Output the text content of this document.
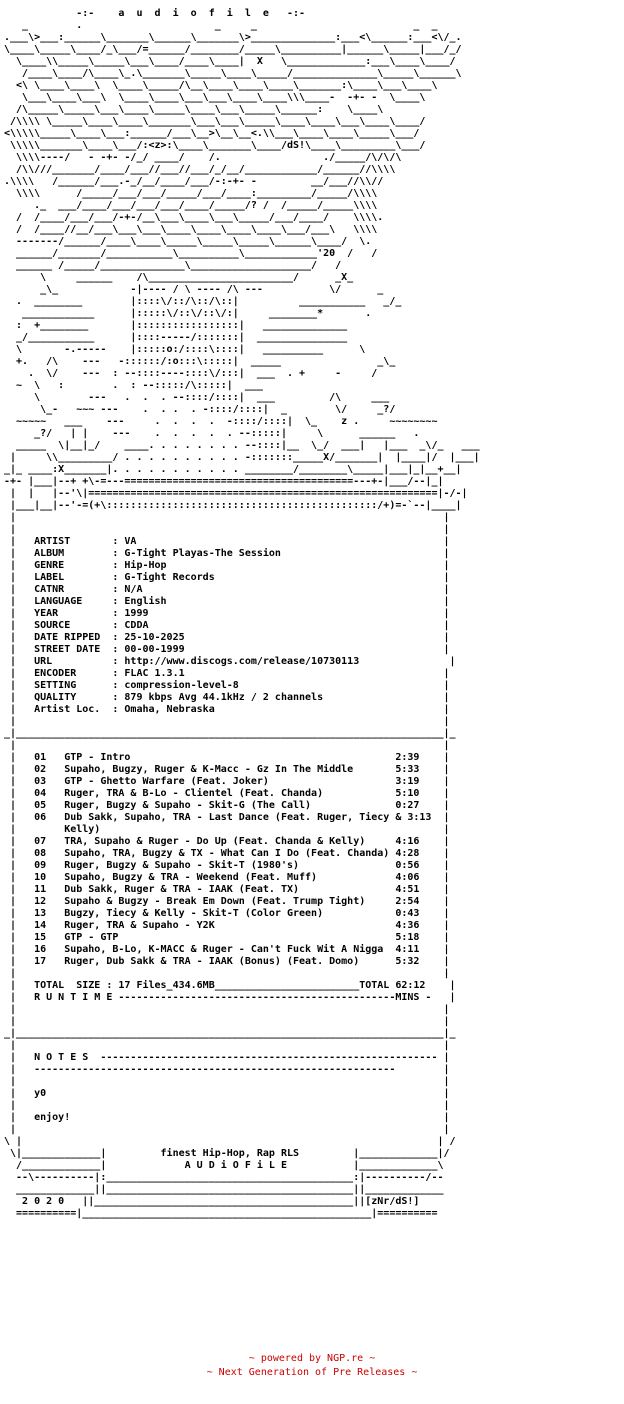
-:-    a  u  d  i  o  f  i  l  e   -:-
_        .                      _     _                          _  _
.___\>___:______\_______\______\_______\>______________:___<\______:___<\/_.
\____\_____\____/_\___/=______/________/_____\__________|______\_____|___/_/
\____\\_____\_____\___\____/____\____|  X   \_____________:___\____\____/
/____\____/\____\_.\_______\_____\____\_____/______________\_____\______\
<\ \____\____\  \____\_____/\__\____\____\____\_______:\____\___\____\
\___\____\___\  \____\____\___\___\____\____\\\____-  -+- -  \____\
/\_____\_____\___\____\_____\____\___\_____\______:    \____\
/\\\\ \_____\____\____\_______\___\___\_____\____\____\___\____\____/
<\\\\\_____\____\___:______/___\__>\__\__<.\\___\____\____\_____\___/
\\\\\_______\____\___/:<z>:\____\_______\____/dS!\____\_________\___/
\\\\----/   - -+- -/_/ ____/    /.                 ./_____/\/\/\
/\\///_______/____/___//___//___/_/__/____________/______//\\\\
.\\\\   /______/___.-_/__/____/___/-:-+- -         __/___//\\//
\\\\      /_____/___/___/_____/___/____:_________/_____/\\\\
._  ___/____/___/___/___/____/_____/? /  /_____/_____\\\\
/  /____/___/___/-+-/__\___\____\___\_____/___/____/    \\\\.
/  /____//__/___\___\___\____\____\____\____\___/___\   \\\\
-------/______/____\____\_____\_____\_____\______\____/  \.
______/_______/___________\__________\____________'20  /   /
______ /_____/______________\____________________/   /
\     ______    /\________________________/      _X_
_\_            -|---- / \ ---- /\ ---           \/      _
.  ________        |::::\/::/\::/\::|          ___________   _/_
____________      |:::::\/::\/::\/:|     ________*       .
:  +________       |:::::::::::::::::|   ______________
_/___________      |::::-----/:::::::|  _______________
\       -.-----    |:::::o:/::::\::::|   __________      \
+.   /\    ---   -::::::/:o:::\:::::|  _____                _\_
.  \/    ---  : --::::----::::\/:::|  ___  . +     -     /
~  \   :        .  : --:::::/\:::::|  ___
\        ---   .  .  . --::::/::::|  ___         /\     ___
\_-   ~~~ ---    .  . .  . -::::/::::|  _        \/     _?/
~~~~~   ___    ---     .  .  .  .  -::::/::::|  \_    z .     ~~~~~~~~
_?/   | |    ---    .  .  .  .  . --:::::|     \      ______   .
_____  \|__|_/    ____. . . . . . . . --::::|__  \_/  ___|   |___  _\/_   ___
|     \\_________/ . . . . . . . . . . -:::::::_____X/_______|  |____|/  |___|
_|_ ____:X_______|. . . . . . . . . . . ________/________\_____|___|_|__+__|
-+- |___|--+ +\-=---======================================---+-|___/--|_|
|  |   |--'\|==========================================================|-/-|
|___|__|--'-=(+\:::::::::::::::::::::::::::::::::::::::::::::/+)=-`--|____|
|                                                                       |
|                                                                       |
|   ARTIST       : VA                                                   |
|   ALBUM        : G-Tight Playas-The Session                           |
|   GENRE        : Hip-Hop                                              |
|   LABEL        : G-Tight Records                                      |
|   CATNR        : N/A                                                  |
|   LANGUAGE     : English                                              |
|   YEAR         : 1999                                                 |
|   SOURCE       : CDDA                                                 |
|   DATE RIPPED  : 25-10-2025                                           |
|   STREET DATE  : 00-00-1999                                           |
|   URL          : http://www.discogs.com/release/10730113               |
|   ENCODER      : FLAC 1.3.1                                           |
|   SETTING      : compression-level-8                                  |
|   QUALITY      : 879 kbps Avg 44.1kHz / 2 channels                    |
|   Artist Loc.  : Omaha, Nebraska                                      |
|                                                                       |
_|_______________________________________________________________________|_
|                                                                       |
|   01   GTP - Intro                                            2:39    |
|   02   Supaho, Bugzy, Ruger & K-Macc - Gz In The Middle       5:33    |
|   03   GTP - Ghetto Warfare (Feat. Joker)                     3:19    |
|   04   Ruger, TRA & B-Lo - Clientel (Feat. Chanda)            5:10    |
|   05   Ruger, Bugzy & Supaho - Skit-G (The Call)              0:27    |
|   06   Dub Sakk, Supaho, TRA - Last Dance (Feat. Ruger, Tiecy & 3:13  |
|        Kelly)                                                         |
|   07   TRA, Supaho & Ruger - Do Up (Feat. Chanda & Kelly)     4:16    |
|   08   Supaho, TRA, Bugzy & TX - What Can I Do (Feat. Chanda) 4:28    |
|   09   Ruger, Bugzy & Supaho - Skit-T (1980's)                0:56    |
|   10   Supaho, Bugzy & TRA - Weekend (Feat. Muff)             4:06    |
|   11   Dub Sakk, Ruger & TRA - IAAK (Feat. TX)                4:51    |
|   12   Supaho & Bugzy - Break Em Down (Feat. Trump Tight)     2:54    |
|   13   Bugzy, Tiecy & Kelly - Skit-T (Color Green)            0:43    |
|   14   Ruger, TRA & Supaho - Y2K                              4:36    |
|   15   GTP - GTP                                              5:18    |
|   16   Supaho, B-Lo, K-MACC & Ruger - Can't Fuck Wit A Nigga  4:11    |
|   17   Ruger, Dub Sakk & TRA - IAAK (Bonus) (Feat. Domo)      5:32    |
|                                                                       |
|   TOTAL  SIZE : 17 Files_434.6MB________________________TOTAL 62:12    |
|   R U N T I M E ----------------------------------------------MINS -   |
|                                                                       |
|                                                                       |
_|_______________________________________________________________________|_
|                                                                       |
|   N O T E S  -------------------------------------------------------- |
|   ------------------------------------------------------------        |
|                                                                       |
|   y0                                                                  |
|                                                                       |
|   enjoy!                                                              |
|                                                                       |
\ |                                                                     | /
\|_____________|         finest Hip-Hop, Rap RLS         |_____________|/
/_____________|             A U D i O F i L E           |_____________\
--\----------|:_________________________________________:|----------/--
_____________||_________________________________________||_____________
2 0 2 0   ||___________________________________________||[zNr/dS!]
==========|________________________________________________|==========

~ powered by NGP.re ~
~ Next Generation of Pre Releases ~
